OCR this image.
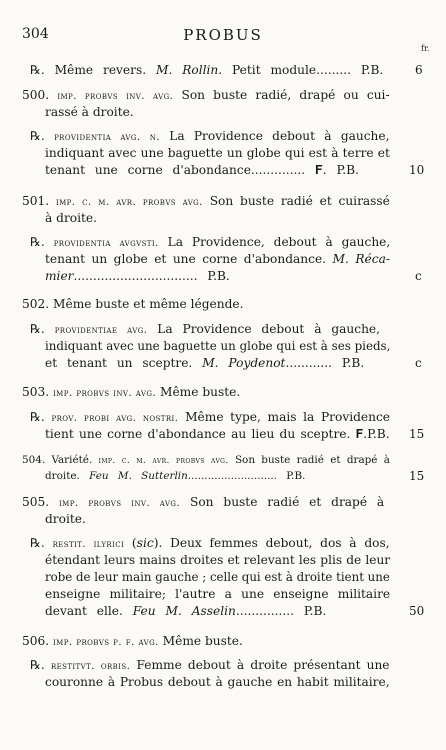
304	PROBUS
fr.
℞. Même revers. M. Rollin. Petit module......... P.B.
500. imp. probvs inv. avg. Son buste radié, drapé ou cui-
rassé à droite.
℞. providentia avg. n. La Providence debout à gauche,
indiquant avec une baguette un globe qui est à terre et
tenant une corne d'abondance.............. 𝐅. P.B.
501. imp. c. m. avr. probvs avg. Son buste radié et cuirassé
à droite.
℞. providentia avgvsti. La Providence, debout à gauche,
tenant un globe et une corne d'abondance. M. Réca-
mier................................ P.B.
502. Même buste et même légende.
℞. providentiae avg. La Providence debout à gauche,
indiquant avec une baguette un globe qui est à ses pieds,
et tenant un sceptre. M. Poydenot............ P.B.
503. imp. probvs inv. avg. Même buste.
℞. prov. probi avg. nostri. Même type, mais la Providence
tient une corne d'abondance au lieu du sceptre. 𝐅.P.B.
504. Variété. imp. c. m. avr. probvs avg. Son buste radié et drapé à
droite. Feu M. Sutterlin........................... P.B.
505. imp. probvs inv. avg. Son buste radié et drapé à
droite.
℞. restit. ilyrici (sic). Deux femmes debout, dos à dos,
étendant leurs mains droites et relevant les plis de leur
robe de leur main gauche ; celle qui est à droite tient une
enseigne militaire; l'autre a une enseigne militaire
devant elle. Feu M. Asselin............... P.B.
506. imp. probvs p. f. avg. Même buste.
℞. restitvt. orbis. Femme debout à droite présentant une
couronne à Probus debout à gauche en habit militaire,
6
10
c
c
15
15
50
